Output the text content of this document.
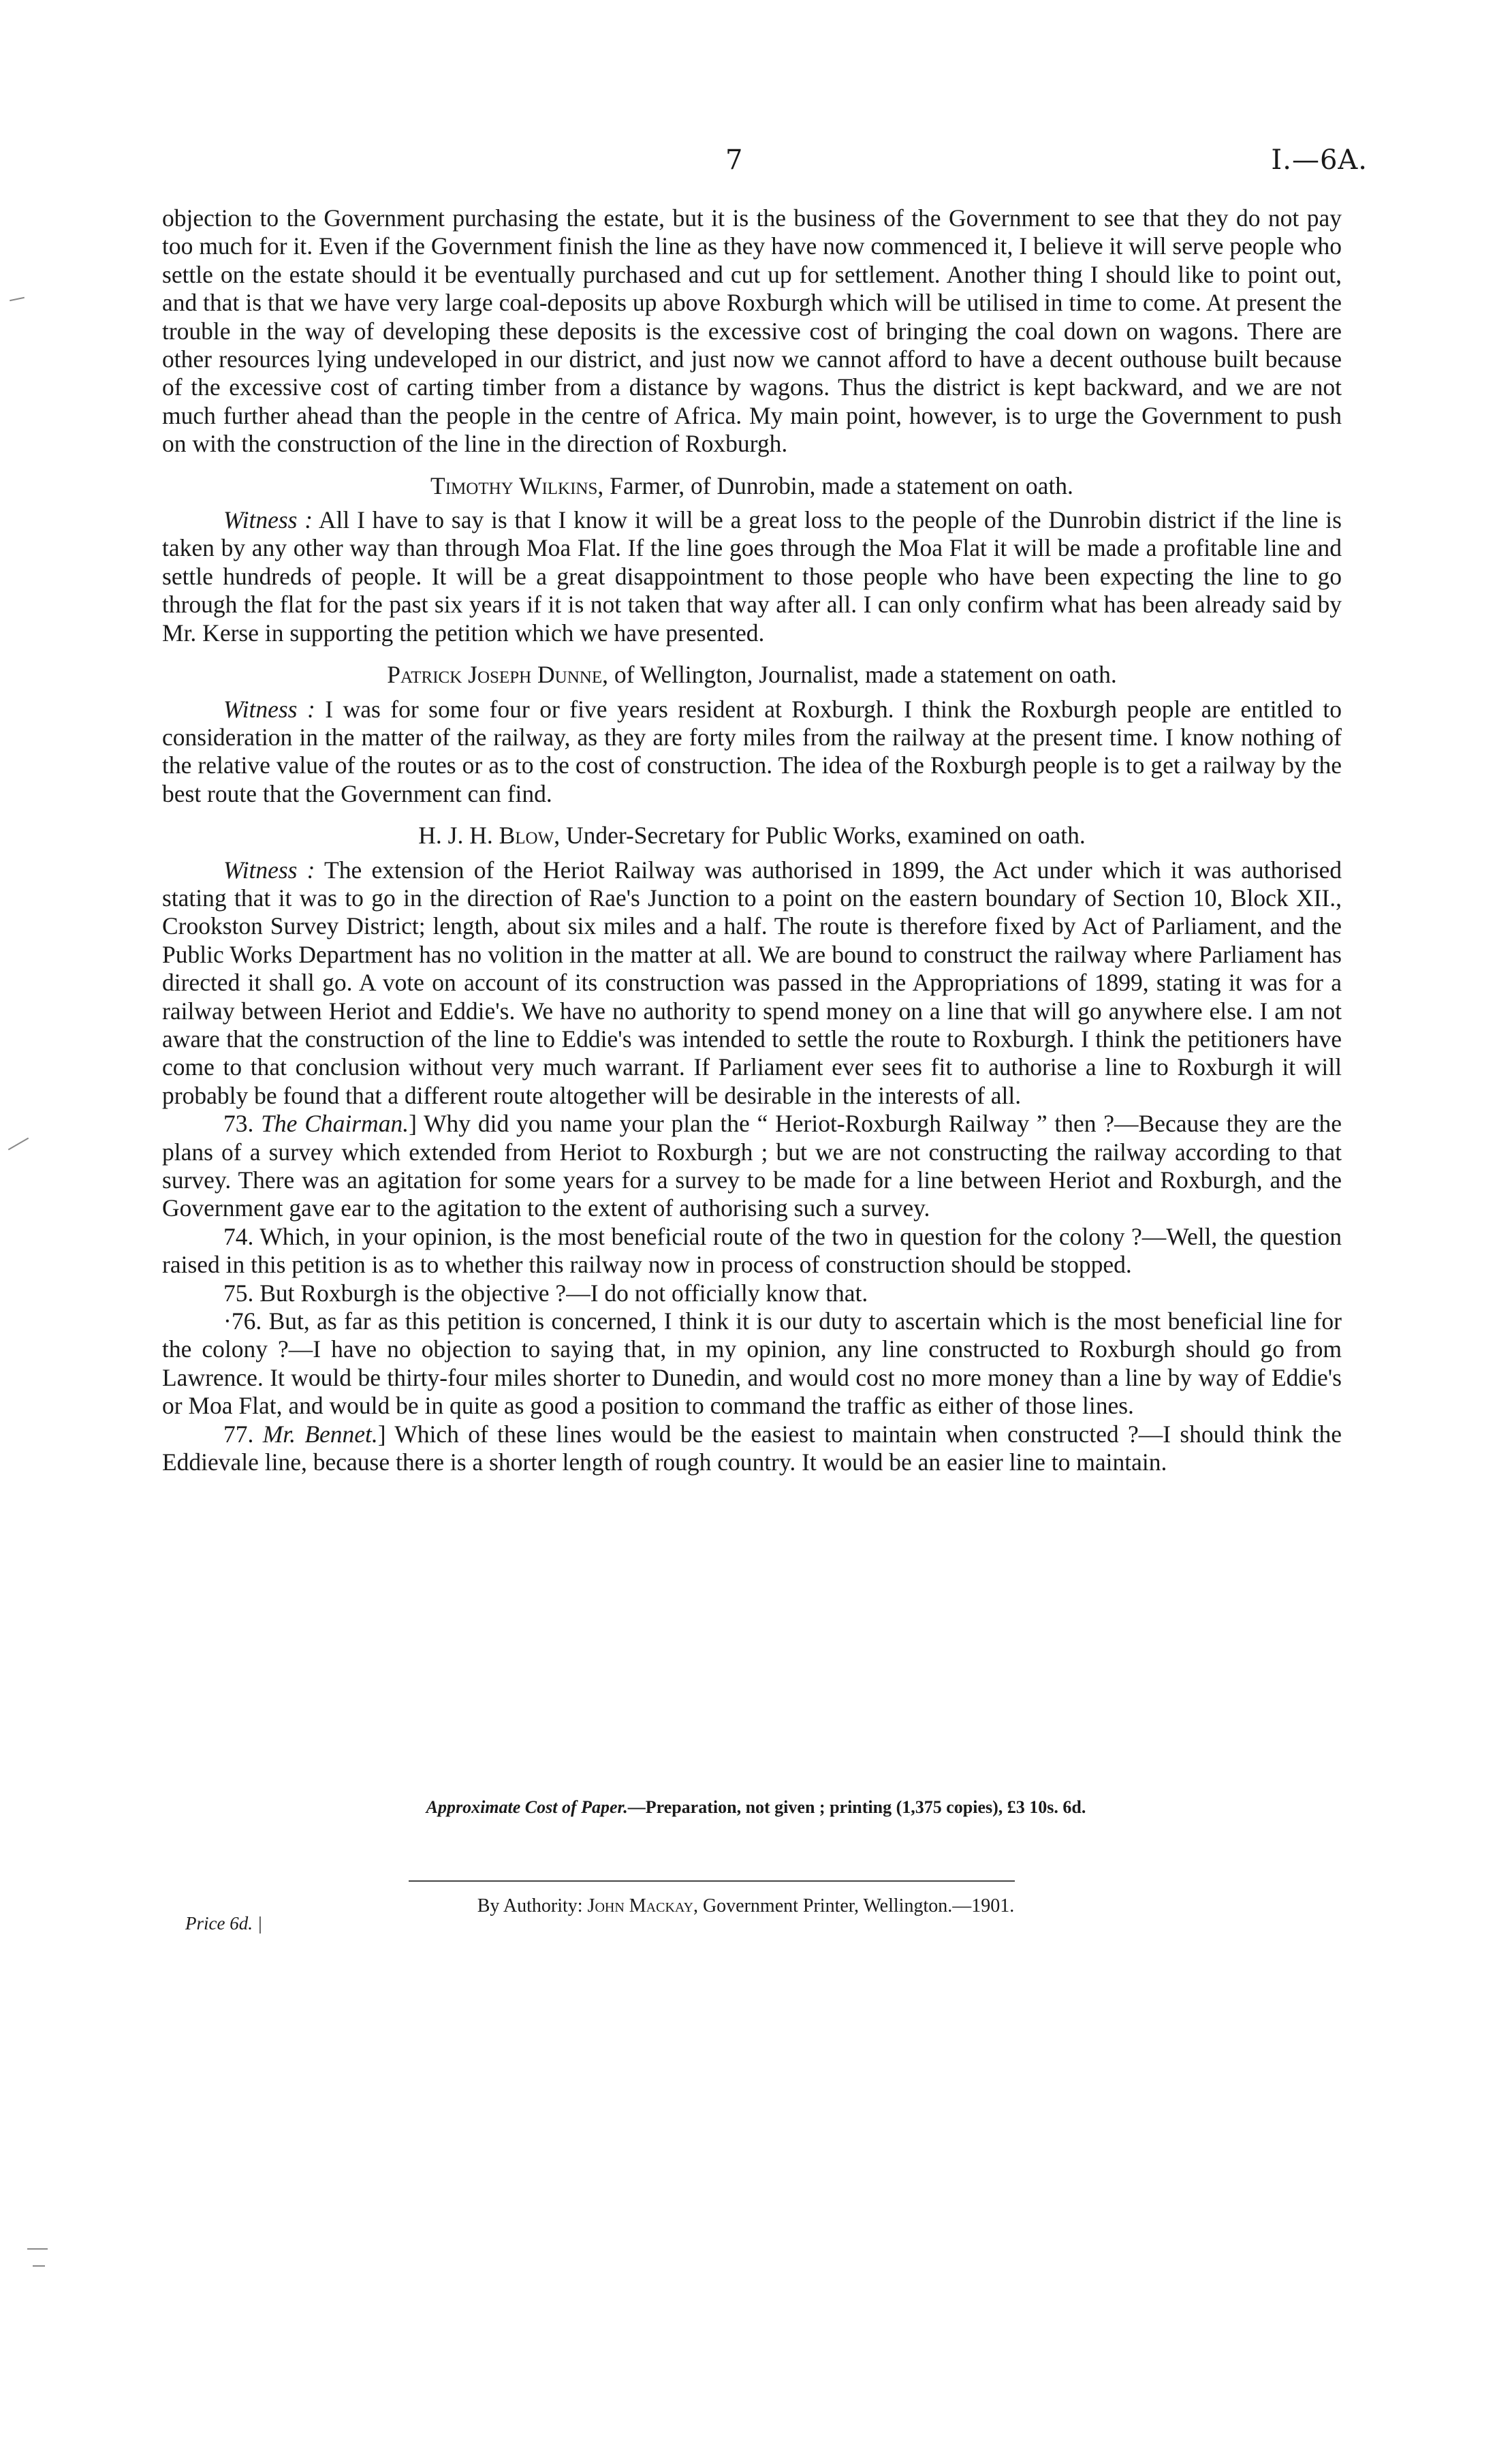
7	I.—6A.

objection to the Government purchasing the estate, but it is the business of the Government to see that they do not pay too much for it. Even if the Government finish the line as they have now commenced it, I believe it will serve people who settle on the estate should it be eventually purchased and cut up for settlement. Another thing I should like to point out, and that is that we have very large coal-deposits up above Roxburgh which will be utilised in time to come. At present the trouble in the way of developing these deposits is the excessive cost of bringing the coal down on wagons. There are other resources lying undeveloped in our district, and just now we cannot afford to have a decent outhouse built because of the excessive cost of carting timber from a distance by wagons. Thus the district is kept backward, and we are not much further ahead than the people in the centre of Africa. My main point, however, is to urge the Government to push on with the construction of the line in the direction of Roxburgh.

Timothy Wilkins, Farmer, of Dunrobin, made a statement on oath.

Witness : All I have to say is that I know it will be a great loss to the people of the Dunrobin district if the line is taken by any other way than through Moa Flat. If the line goes through the Moa Flat it will be made a profitable line and settle hundreds of people. It will be a great disappointment to those people who have been expecting the line to go through the flat for the past six years if it is not taken that way after all. I can only confirm what has been already said by Mr. Kerse in supporting the petition which we have presented.

Patrick Joseph Dunne, of Wellington, Journalist, made a statement on oath.

Witness : I was for some four or five years resident at Roxburgh. I think the Roxburgh people are entitled to consideration in the matter of the railway, as they are forty miles from the railway at the present time. I know nothing of the relative value of the routes or as to the cost of construction. The idea of the Roxburgh people is to get a railway by the best route that the Government can find.

H. J. H. Blow, Under-Secretary for Public Works, examined on oath.

Witness : The extension of the Heriot Railway was authorised in 1899, the Act under which it was authorised stating that it was to go in the direction of Rae's Junction to a point on the eastern boundary of Section 10, Block XII., Crookston Survey District; length, about six miles and a half. The route is therefore fixed by Act of Parliament, and the Public Works Department has no volition in the matter at all. We are bound to construct the railway where Parliament has directed it shall go. A vote on account of its construction was passed in the Appropriations of 1899, stating it was for a railway between Heriot and Eddie's. We have no authority to spend money on a line that will go anywhere else. I am not aware that the construction of the line to Eddie's was intended to settle the route to Roxburgh. I think the petitioners have come to that conclusion without very much warrant. If Parliament ever sees fit to authorise a line to Roxburgh it will probably be found that a different route altogether will be desirable in the interests of all.

73. The Chairman.] Why did you name your plan the “ Heriot-Roxburgh Railway ” then ?—Because they are the plans of a survey which extended from Heriot to Roxburgh ; but we are not constructing the railway according to that survey. There was an agitation for some years for a survey to be made for a line between Heriot and Roxburgh, and the Government gave ear to the agitation to the extent of authorising such a survey.

74. Which, in your opinion, is the most beneficial route of the two in question for the colony ?—Well, the question raised in this petition is as to whether this railway now in process of construction should be stopped.

75. But Roxburgh is the objective ?—I do not officially know that.

·76. But, as far as this petition is concerned, I think it is our duty to ascertain which is the most beneficial line for the colony ?—I have no objection to saying that, in my opinion, any line constructed to Roxburgh should go from Lawrence. It would be thirty-four miles shorter to Dunedin, and would cost no more money than a line by way of Eddie's or Moa Flat, and would be in quite as good a position to command the traffic as either of those lines.

77. Mr. Bennet.] Which of these lines would be the easiest to maintain when constructed ?—I should think the Eddievale line, because there is a shorter length of rough country. It would be an easier line to maintain.

Approximate Cost of Paper.—Preparation, not given ; printing (1,375 copies), £3 10s. 6d.
By Authority: John Mackay, Government Printer, Wellington.—1901.
Price 6d. |
